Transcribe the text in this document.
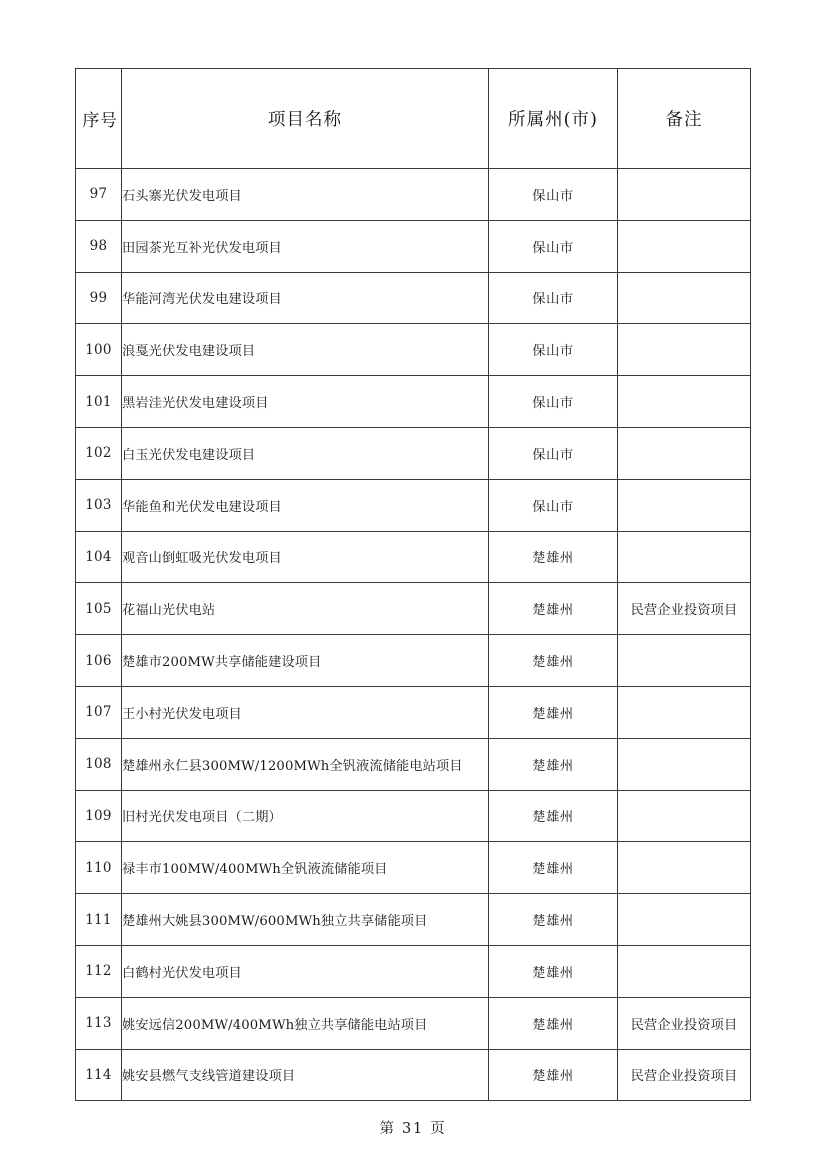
序号	项目名称	所属州(市)	备注
97	石头寨光伏发电项目	保山市	
98	田园茶光互补光伏发电项目	保山市	
99	华能河湾光伏发电建设项目	保山市	
100	浪戛光伏发电建设项目	保山市	
101	黑岩洼光伏发电建设项目	保山市	
102	白玉光伏发电建设项目	保山市	
103	华能鱼和光伏发电建设项目	保山市	
104	观音山倒虹吸光伏发电项目	楚雄州	
105	花福山光伏电站	楚雄州	民营企业投资项目
106	楚雄市200MW共享储能建设项目	楚雄州	
107	王小村光伏发电项目	楚雄州	
108	楚雄州永仁县300MW/1200MWh全钒液流储能电站项目	楚雄州	
109	旧村光伏发电项目（二期）	楚雄州	
110	禄丰市100MW/400MWh全钒液流储能项目	楚雄州	
111	楚雄州大姚县300MW/600MWh独立共享储能项目	楚雄州	
112	白鹤村光伏发电项目	楚雄州	
113	姚安远信200MW/400MWh独立共享储能电站项目	楚雄州	民营企业投资项目
114	姚安县燃气支线管道建设项目	楚雄州	民营企业投资项目
第 31 页
